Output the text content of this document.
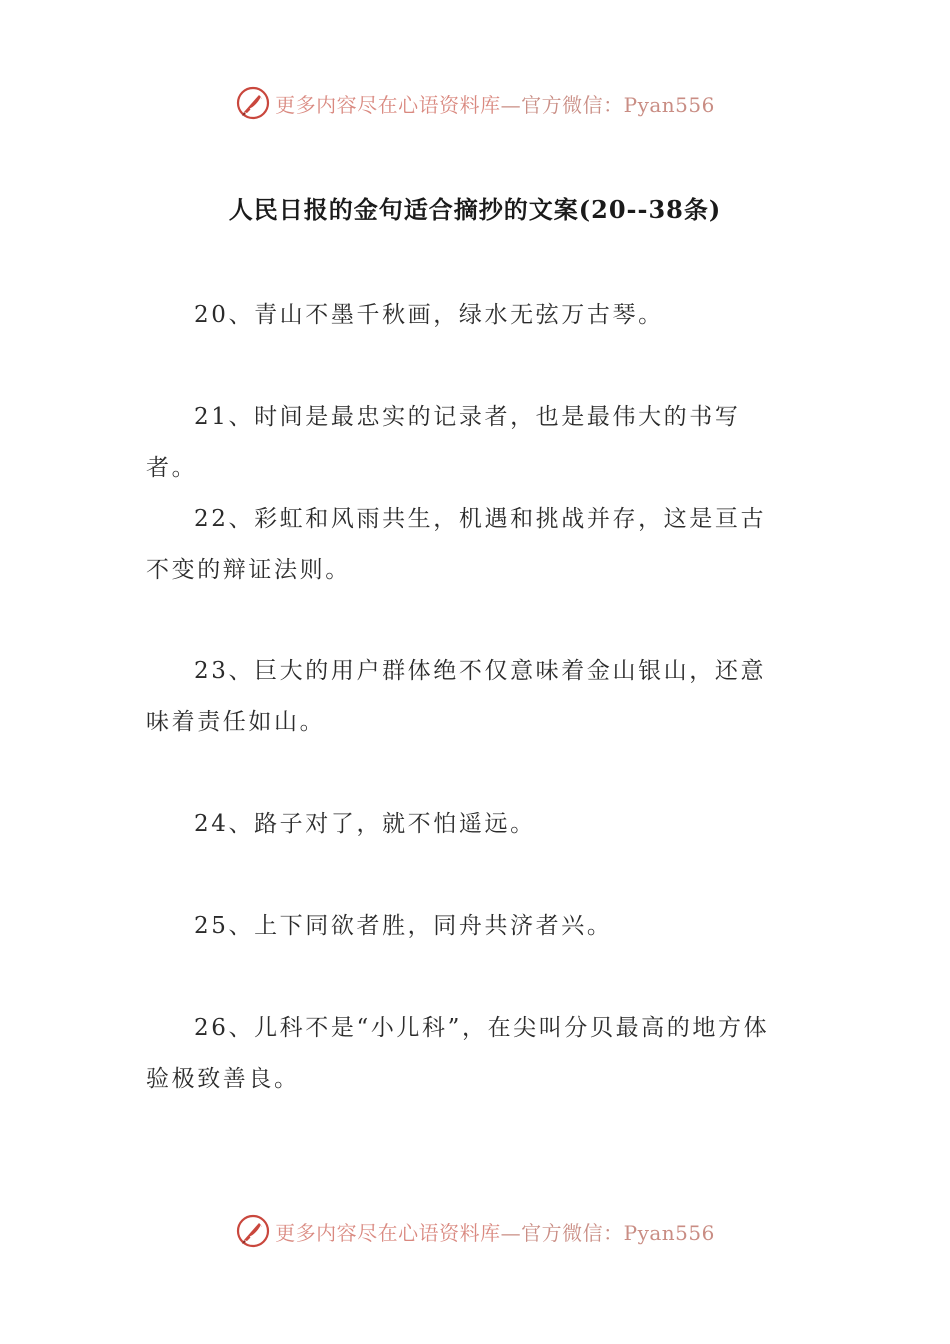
更多内容尽在心语资料库—官方微信：Pyan556
人民日报的金句适合摘抄的文案(20--38条)
20、青山不墨千秋画，绿水无弦万古琴。
21、时间是最忠实的记录者，也是最伟大的书写者。
22、彩虹和风雨共生，机遇和挑战并存，这是亘古不变的辩证法则。
23、巨大的用户群体绝不仅意味着金山银山，还意味着责任如山。
24、路子对了，就不怕遥远。
25、上下同欲者胜，同舟共济者兴。
26、儿科不是“小儿科”，在尖叫分贝最高的地方体验极致善良。
更多内容尽在心语资料库—官方微信：Pyan556
